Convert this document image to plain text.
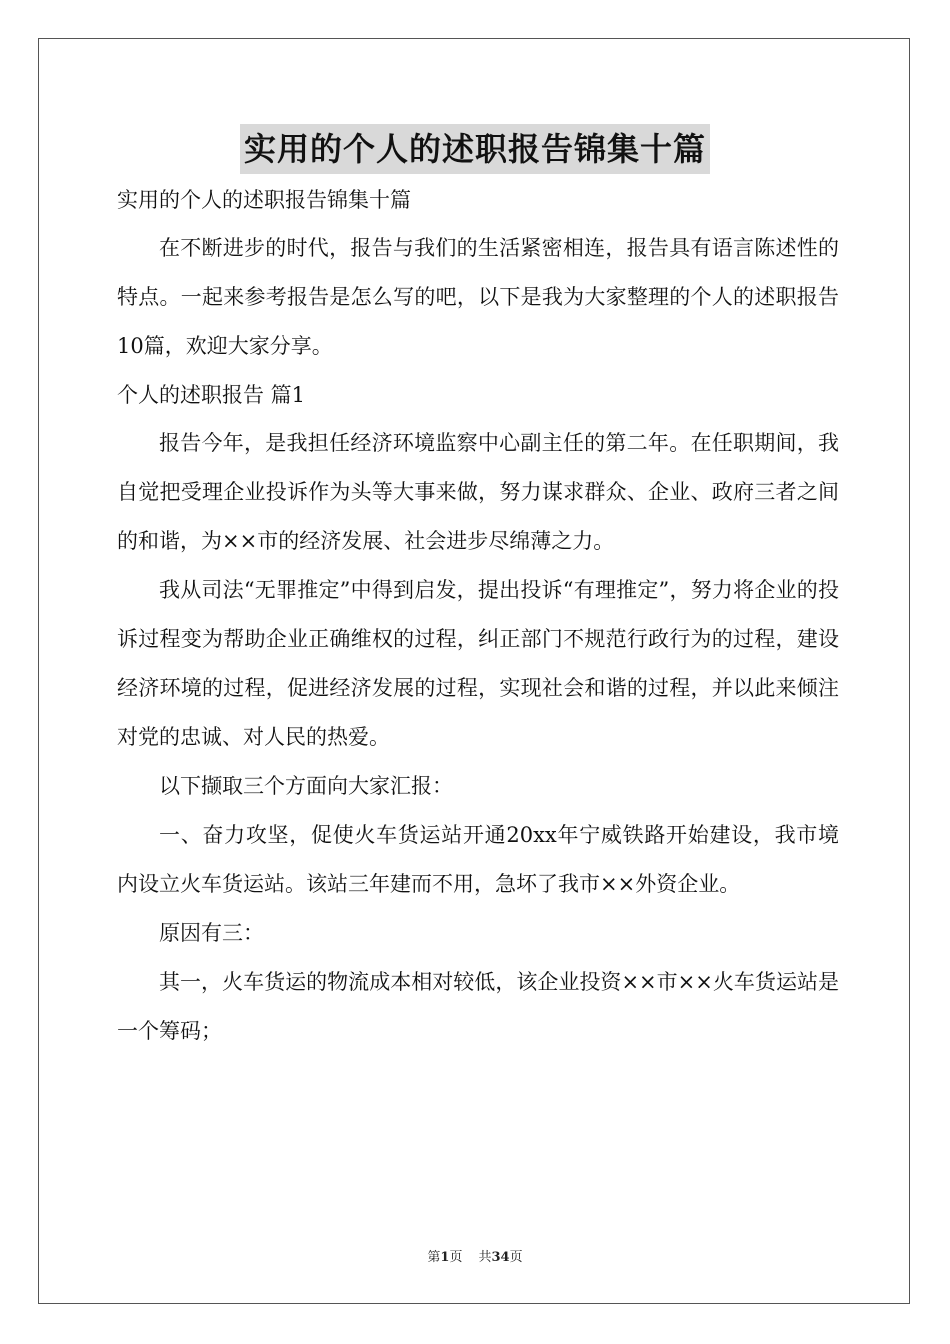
实用的个人的述职报告锦集十篇

实用的个人的述职报告锦集十篇

在不断进步的时代，报告与我们的生活紧密相连，报告具有语言陈述性的特点。一起来参考报告是怎么写的吧，以下是我为大家整理的个人的述职报告10篇，欢迎大家分享。

个人的述职报告 篇1

报告今年，是我担任经济环境监察中心副主任的第二年。在任职期间，我自觉把受理企业投诉作为头等大事来做，努力谋求群众、企业、政府三者之间的和谐，为××市的经济发展、社会进步尽绵薄之力。

我从司法“无罪推定”中得到启发，提出投诉“有理推定”，努力将企业的投诉过程变为帮助企业正确维权的过程，纠正部门不规范行政行为的过程，建设经济环境的过程，促进经济发展的过程，实现社会和谐的过程，并以此来倾注对党的忠诚、对人民的热爱。

以下撷取三个方面向大家汇报：

一、奋力攻坚，促使火车货运站开通20xx年宁威铁路开始建设，我市境内设立火车货运站。该站三年建而不用，急坏了我市××外资企业。

原因有三：

其一，火车货运的物流成本相对较低，该企业投资××市××火车货运站是一个筹码；

第1页 共34页
